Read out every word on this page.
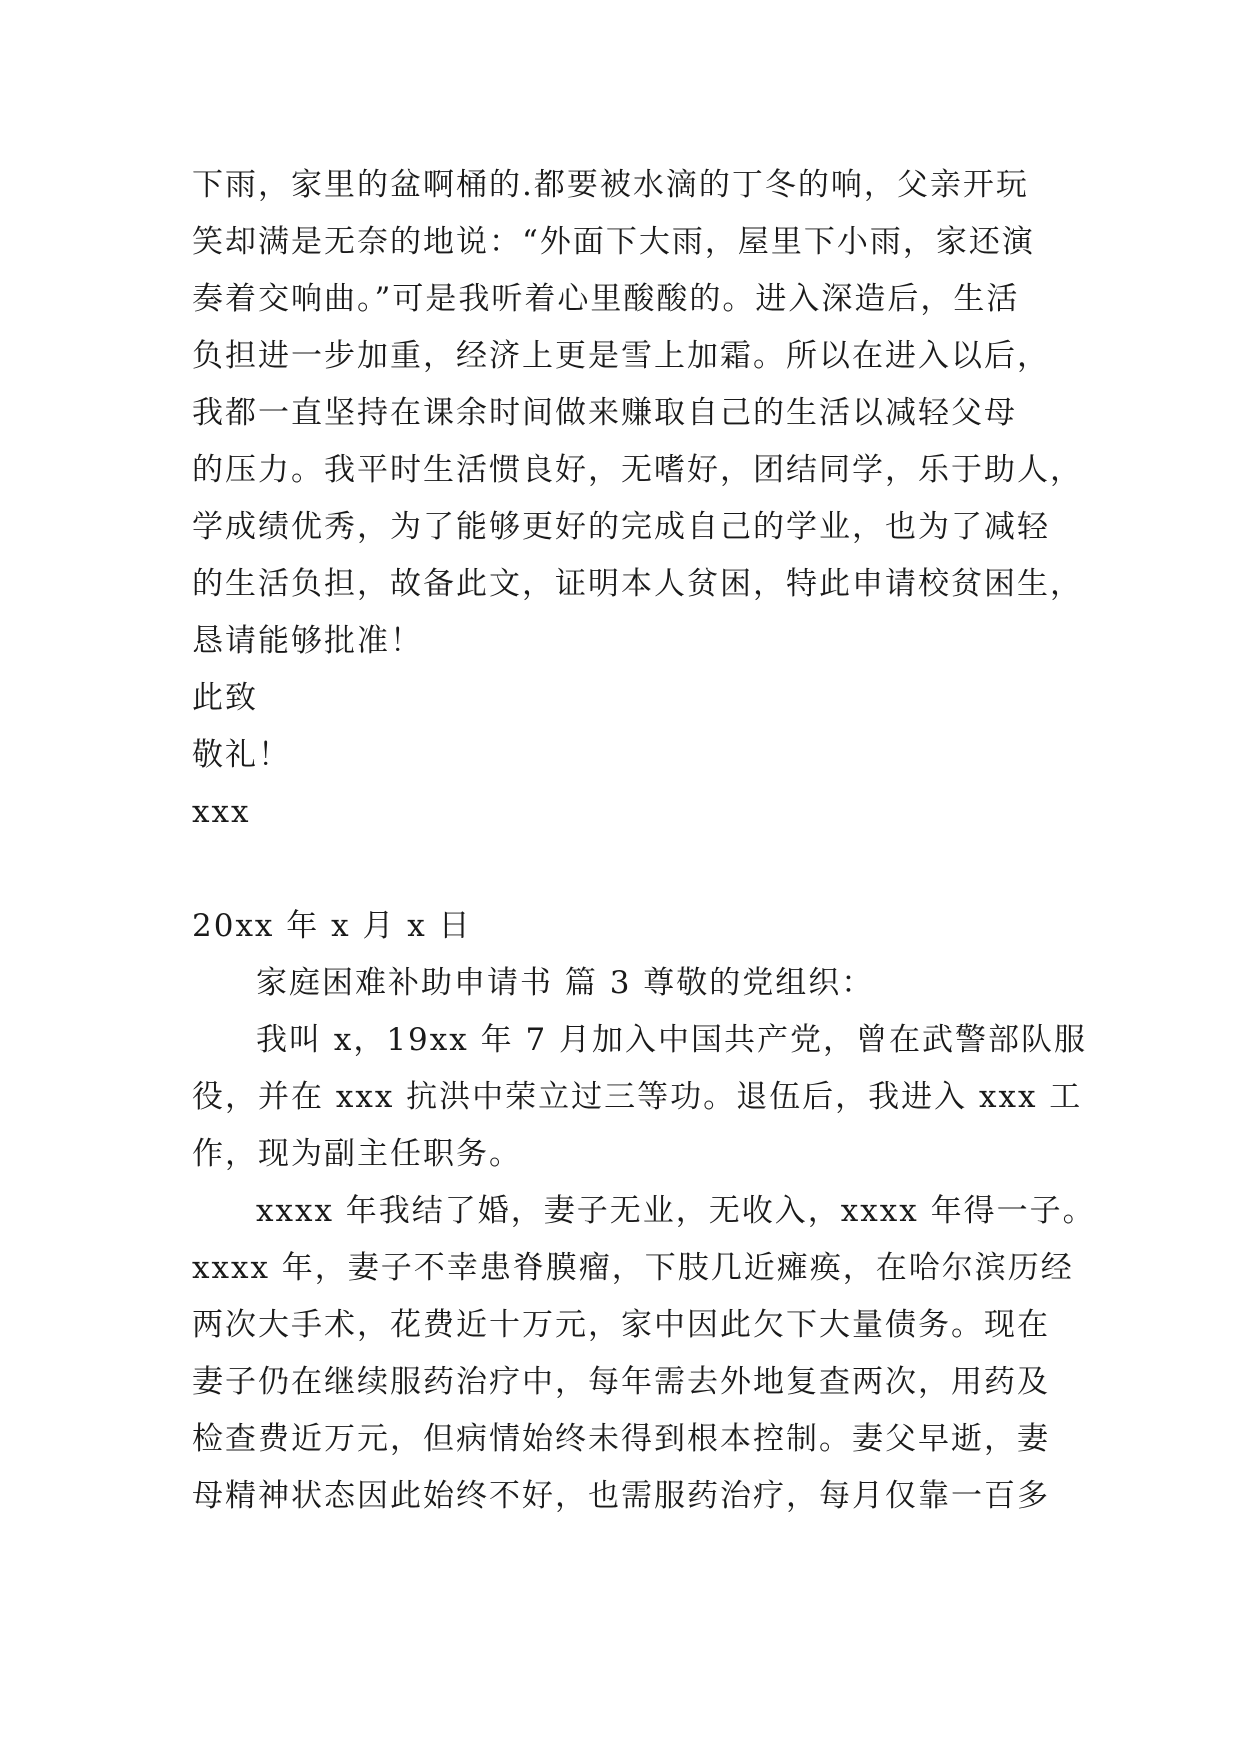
下雨，家里的盆啊桶的.都要被水滴的丁冬的响，父亲开玩
笑却满是无奈的地说：“外面下大雨，屋里下小雨，家还演
奏着交响曲。”可是我听着心里酸酸的。进入深造后，生活
负担进一步加重，经济上更是雪上加霜。所以在进入以后，
我都一直坚持在课余时间做来赚取自己的生活以减轻父母
的压力。我平时生活惯良好，无嗜好，团结同学，乐于助人，
学成绩优秀，为了能够更好的完成自己的学业，也为了减轻
的生活负担，故备此文，证明本人贫困，特此申请校贫困生，
恳请能够批准！
此致
敬礼！
xxx
20xx 年 x 月 x 日
家庭困难补助申请书 篇 3 尊敬的党组织：
我叫 x，19xx 年 7 月加入中国共产党，曾在武警部队服
役，并在 xxx 抗洪中荣立过三等功。退伍后，我进入 xxx 工
作，现为副主任职务。
xxxx 年我结了婚，妻子无业，无收入，xxxx 年得一子。
xxxx 年，妻子不幸患脊膜瘤，下肢几近瘫痪，在哈尔滨历经
两次大手术，花费近十万元，家中因此欠下大量债务。现在
妻子仍在继续服药治疗中，每年需去外地复查两次，用药及
检查费近万元，但病情始终未得到根本控制。妻父早逝，妻
母精神状态因此始终不好，也需服药治疗，每月仅靠一百多
